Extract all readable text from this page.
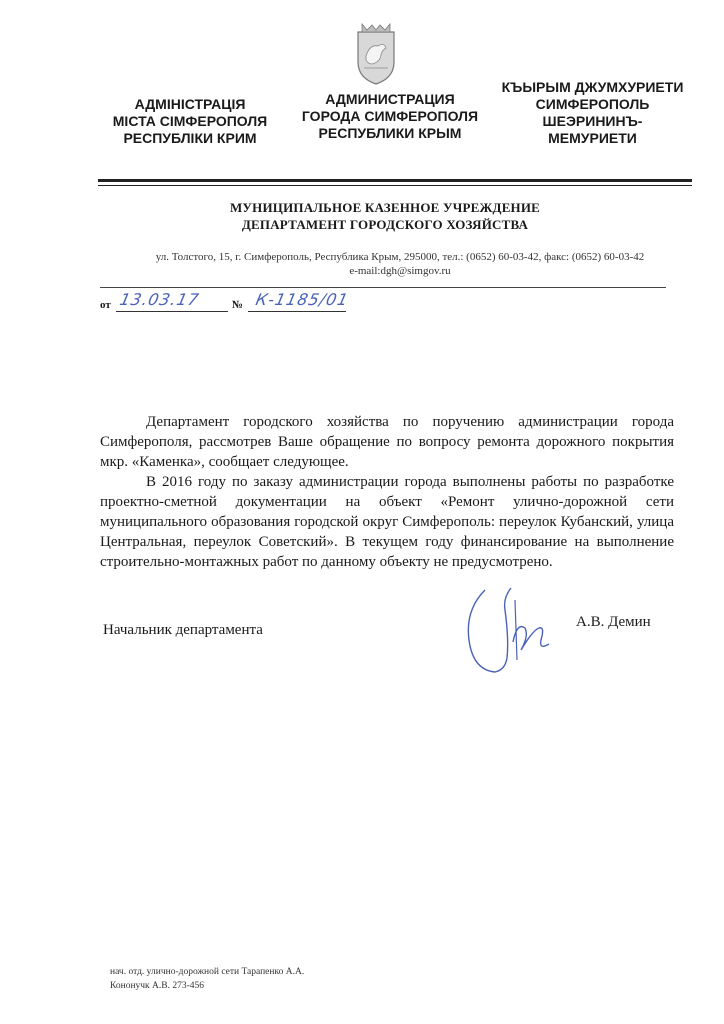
АДМІНІСТРАЦІЯ
МІСТА СІМФЕРОПОЛЯ
РЕСПУБЛІКИ КРИМ
АДМИНИСТРАЦИЯ
ГОРОДА СИМФЕРОПОЛЯ
РЕСПУБЛИКИ КРЫМ
КЪЫРЫМ ДЖУМХУРИЕТИ
СИМФЕРОПОЛЬ
ШЕЭРИНИНЪ-
МЕМУРИЕТИ
МУНИЦИПАЛЬНОЕ КАЗЕННОЕ УЧРЕЖДЕНИЕ
ДЕПАРТАМЕНТ ГОРОДСКОГО ХОЗЯЙСТВА
ул. Толстого, 15, г. Симферополь, Республика Крым, 295000, тел.: (0652) 60-03-42, факс: (0652) 60-03-42
e-mail:dgh@simgov.ru
от 13.03.17	№ К-1185/01

Департамент городского хозяйства по поручению администрации города Симферополя, рассмотрев Ваше обращение по вопросу ремонта дорожного покрытия мкр. «Каменка», сообщает следующее.

В 2016 году по заказу администрации города выполнены работы по разработке проектно-сметной документации на объект «Ремонт улично-дорожной сети муниципального образования городской округ Симферополь: переулок Кубанский, улица Центральная, переулок Советский». В текущем году финансирование на выполнение строительно-монтажных работ по данному объекту не предусмотрено.

Начальник департамента	А.В. Демин
нач. отд. улично-дорожной сети Тарапенко А.А.
Кононучк А.В. 273-456
